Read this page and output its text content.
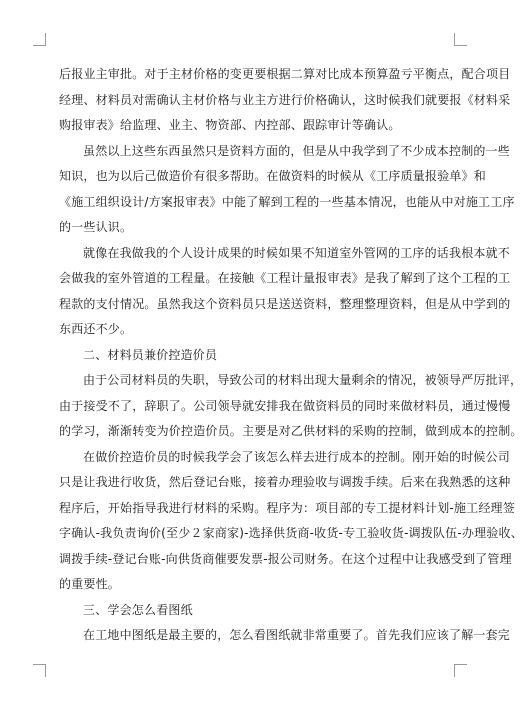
后报业主审批。对于主材价格的变更要根据二算对比成本预算盈亏平衡点，配合项目
经理、材料员对需确认主材价格与业主方进行价格确认，这时候我们就要报《材料采
购报审表》给监理、业主、物资部、内控部、跟踪审计等确认。
虽然以上这些东西虽然只是资料方面的，但是从中我学到了不少成本控制的一些
知识，也为以后己做造价有很多帮助。在做资料的时候从《工序质量报验单》和
《施工组织设计/方案报审表》中能了解到工程的一些基本情况，也能从中对施工工序
的一些认识。
就像在我做我的个人设计成果的时候如果不知道室外管网的工序的话我根本就不
会做我的室外管道的工程量。在接触《工程计量报审表》是我了解到了这个工程的工
程款的支付情况。虽然我这个资料员只是送送资料，整理整理资料，但是从中学到的
东西还不少。
二、材料员兼价控造价员
由于公司材料员的失职，导致公司的材料出现大量剩余的情况，被领导严厉批评，
由于接受不了，辞职了。公司领导就安排我在做资料员的同时来做材料员，通过慢慢
的学习，渐渐转变为价控造价员。主要是对乙供材料的采购的控制，做到成本的控制。
在做价控造价员的时候我学会了该怎么样去进行成本的控制。刚开始的时候公司
只是让我进行收货，然后登记台账，接着办理验收与调拨手续。后来在我熟悉的这种
程序后，开始指导我进行材料的采购。程序为：项目部的专工提材料计划-施工经理签
字确认-我负责询价(至少２家商家)-选择供货商-收货-专工验收货-调拨队伍-办理验收、
调拨手续-登记台账-向供货商催要发票-报公司财务。在这个过程中让我感受到了管理
的重要性。
三、学会怎么看图纸
在工地中图纸是最主要的，怎么看图纸就非常重要了。首先我们应该了解一套完
